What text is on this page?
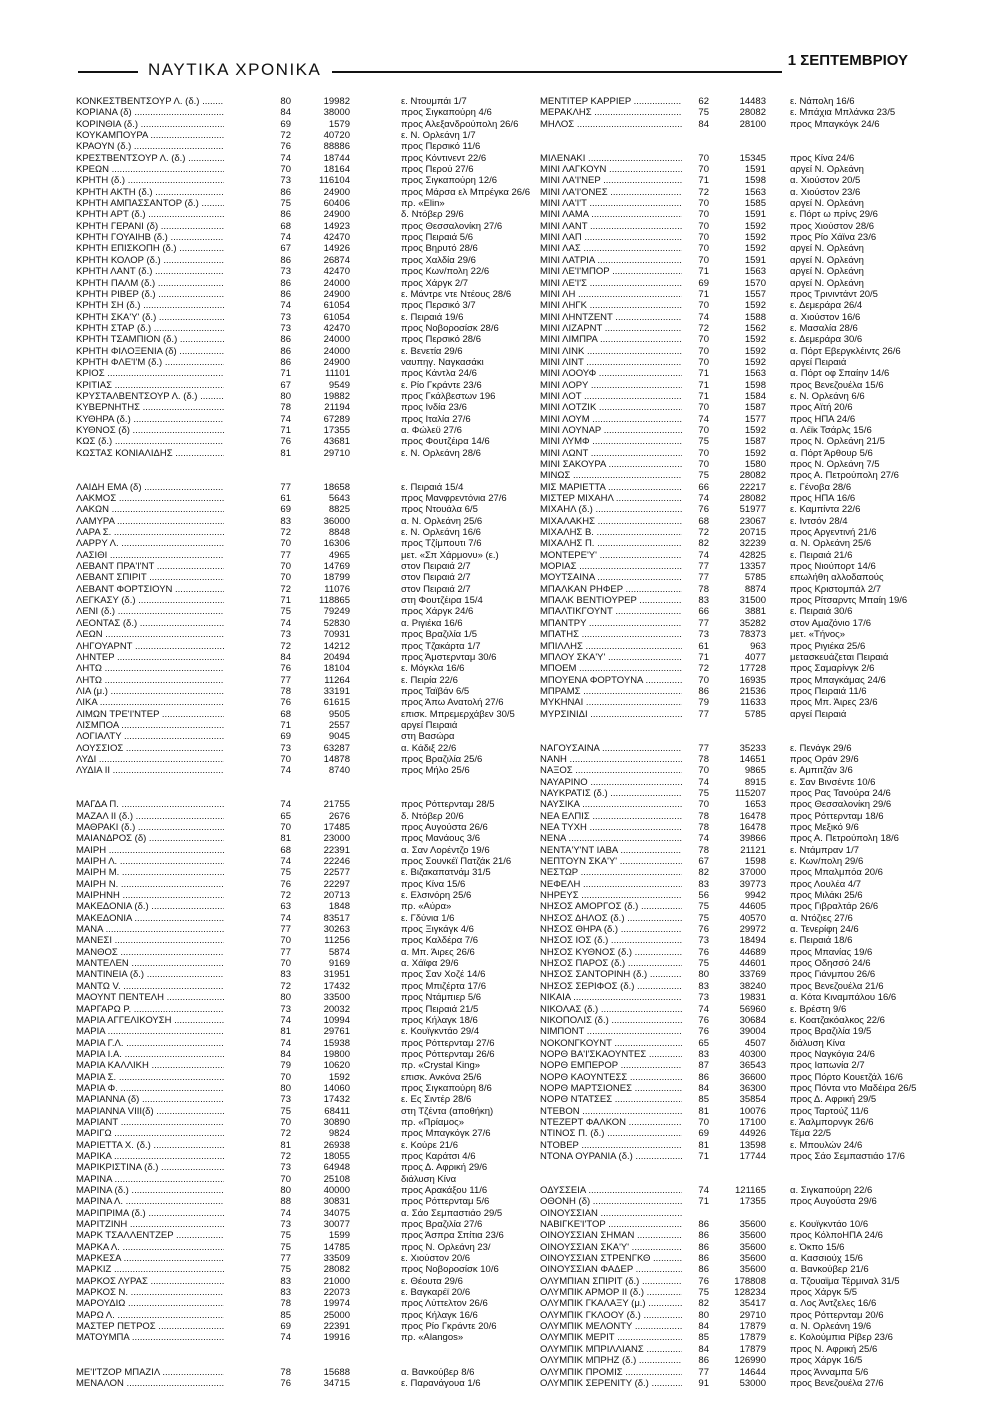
ΝΑΥΤΙΚΑ ΧΡΟΝΙΚΑ	1 ΣΕΠΤΕΜΒΡΙΟΥ
ΚΟΝΚΕΣΤΒΕΝΤΣΟΥΡ Λ. (δ.) .....	80	19982	ε. Ντουμπάι 1/7
ΚΟΡΙΑΝΑ (δ) .....	84	38000	προς Σιγκαπούρη 4/6
ΚΟΡΙΝΘΙΑ (δ.) .....	69	1579	προς Αλεξανδρούπολη 26/6
ΚΟΥΚΑΜΠΟΥΡΑ .....	72	40720	ε. Ν. Ορλεάνη 1/7
ΚΡΑΟΥΝ (δ.) .....	76	88886	προς Περσικό 11/6
ΚΡΕΣΤΒΕΝΤΣΟΥΡ Λ. (δ.) .....	74	18744	προς Κόντινεντ 22/6
ΚΡΕΩΝ .....	70	18164	προς Περού 27/6
ΚΡΗΤΗ (δ.) .....	73	116104	προς Σιγκαπούρη 12/6
ΚΡΗΤΗ ΑΚΤΗ (δ.) .....	86	24900	προς Μάρσα ελ Μπρέγκα 26/6
ΚΡΗΤΗ ΑΜΠΑΣΣΑΝΤΟΡ (δ.) .....	75	60406	πρ. «Elin»
ΚΡΗΤΗ ΑΡΤ (δ.) .....	86	24900	δ. Ντόβερ 29/6
ΚΡΗΤΗ ΓΕΡΑΝΙ (δ) .....	68	14923	προς Θεσσαλονίκη 27/6
ΚΡΗΤΗ ΓΟΥΑΙΗΒ (δ.) .....	74	42470	προς Πειραιά 5/6
ΚΡΗΤΗ ΕΠΙΣΚΟΠΗ (δ.) .....	67	14926	προς Βηρυτό 28/6
ΚΡΗΤΗ ΚΟΛΟΡ (δ.) .....	86	26874	προς Χαλδία 29/6
ΚΡΗΤΗ ΛΑΝΤ (δ.) .....	73	42470	προς Κων/πολη 22/6
ΚΡΗΤΗ ΠΑΛΜ (δ.) .....	86	24000	προς Χάργκ 2/7
ΚΡΗΤΗ ΡΙΒΕΡ (δ.) .....	86	24900	ε. Μάντρε ντε Ντέους 28/6
ΚΡΗΤΗ ΣΗ (δ.) .....	74	61054	προς Περσικό 3/7
ΚΡΗΤΗ ΣΚΑ'Υ' (δ.) .....	73	61054	ε. Πειραιά 19/6
ΚΡΗΤΗ ΣΤΑΡ (δ.) .....	73	42470	προς Νοβοροσίσκ 28/6
ΚΡΗΤΗ ΤΣΑΜΠΙΟΝ (δ.) .....	86	24000	προς Περσικό 28/6
ΚΡΗΤΗ ΦΙΛΟΞΕΝΙΑ (δ) .....	86	24000	ε. Βενετία 29/6
ΚΡΗΤΗ ΦΛΕ'Ι'Μ (δ.) .....	86	24900	ναυπηγ. Ναγκασάκι
ΚΡΙΟΣ .....	71	11101	προς Κάντλα 24/6
ΚΡΙΤΙΑΣ .....	67	9549	ε. Ρίο Γκράντε 23/6
ΚΡΥΣΤΑΛΒΕΝΤΣΟΥΡ Λ. (δ.) .....	80	19882	προς Γκάλβεστων 196
ΚΥΒΕΡΝΗΤΗΣ .....	78	21194	προς Ινδία 23/6
ΚΥΘΗΡΑ (δ.) .....	74	67289	προς Ιταλία 27/6
ΚΥΘΝΟΣ (δ) .....	71	17355	α. Φώλεϋ 27/6
ΚΩΣ (δ.) .....	76	43681	προς Φουτζέιρα 14/6
ΚΩΣΤΑΣ ΚΟΝΙΑΛΙΔΗΣ .....	81	29710	ε. Ν. Ορλεάνη 28/6
ΛΑΙΔΗ ΕΜΑ (δ) .....	77	18658	ε. Πειραιά 15/4
ΛΑΚΜΟΣ .....	61	5643	προς Μανφρεντόνια 27/6
ΛΑΚΩΝ .....	69	8825	προς Ντουάλα 6/5
ΛΑΜΥΡΑ .....	83	36000	α. Ν. Ορλεάνη 25/6
ΛΑΡΑ Σ. .....	72	8848	ε. Ν. Ορλεάνη 16/6
ΛΑΡΡΥ Λ. .....	70	16306	προς Τζίμπουτι 7/6
ΛΑΣΙΘΙ .....	77	4965	μετ. «Σπ Χάρμονυ» (ε.)
ΛΕΒΑΝΤ ΠΡΑ'Ι'ΝΤ .....	70	14769	στον Πειραιά 2/7
ΛΕΒΑΝΤ ΣΠΙΡΙΤ .....	70	18799	στον Πειραιά 2/7
ΛΕΒΑΝΤ ΦΟΡΤΣΙΟΥΝ .....	72	11076	στον Πειραιά 2/7
ΛΕΓΚΑΣΥ (δ.) .....	71	118865	στη Φουτζέιρα 15/4
ΛΕΝΙ (δ.) .....	75	79249	προς Χάργκ 24/6
ΛΕΟΝΤΑΣ (δ.) .....	74	52830	α. Ριγιέκα 16/6
ΛΕΩΝ .....	73	70931	προς Βραζιλία 1/5
ΛΗΓΟΥΑΡΝΤ .....	72	14212	προς Τζακάρτα 1/7
ΛΗΝΤΕΡ .....	84	20494	προς Άμστερνταμ 30/6
ΛΗΤΩ .....	76	18104	ε. Μόγκλα 16/6
ΛΗΤΩ .....	77	11264	ε. Πειρία 22/6
ΛΙΑ (μ.) .....	78	33191	προς Ταϊβάν 6/5
ΛΙΚΑ .....	76	61615	προς Άπω Ανατολή 27/6
ΛΙΜΩΝ ΤΡΕ'Ι'ΝΤΕΡ .....	68	9505	επισκ. Μπρεμερχάβεν 30/5
ΛΙΣΜΠΟΑ .....	71	2557	αργεί Πειραιά
ΛΟΓΙΑΛΤΥ .....	69	9045	στη Βασώρα
ΛΟΥΣΣΙΟΣ .....	73	63287	α. Κάδιξ 22/6
ΛΥΔΙ .....	70	14878	προς Βραζιλία 25/6
ΛΥΔΙΑ ΙΙ .....	74	8740	προς Μήλο 25/6
ΜΑΓΔΑ Π. .....	74	21755	προς Ρόττερνταμ 28/5
ΜΑΖΑΛ ΙΙ (δ.) .....	65	2676	δ. Ντόβερ 20/6
ΜΑΘΡΑΚΙ (δ.) .....	70	17485	προς Αυγούστα 26/6
ΜΑΙΑΝΔΡΟΣ (δ) .....	81	23000	προς Μανάους 3/6
ΜΑΙΡΗ .....	68	22391	α. Σαν Λορέντζο 19/6
ΜΑΙΡΗ Λ. .....	74	22246	προς Σουνκέϊ Πατζάκ 21/6
ΜΑΙΡΗ Μ. .....	75	22577	ε. Βιζακαπατνάμ 31/5
ΜΑΙΡΗ Ν. .....	76	22297	προς Κίνα 15/6
ΜΑΙΡΗΝΗ .....	72	20713	ε. Ελσινόρη 25/6
ΜΑΚΕΔΟΝΙΑ (δ.) .....	63	1848	πρ. «Αύρα»
ΜΑΚΕΔΟΝΙΑ .....	74	83517	ε. Γδύνια 1/6
ΜΑΝΑ .....	77	30263	προς Ξιγκάγκ 4/6
ΜΑΝΕΣΙ .....	70	11256	προς Καλδέρα 7/6
ΜΑΝΘΟΣ .....	77	5874	α. Μπ. Άιρες 26/6
ΜΑΝΤΕΛΕΝ .....	70	9169	α. Χάϊφα 29/6
ΜΑΝΤΙΝΕΙΑ (δ.) .....	83	31951	προς Σαν Χοζέ 14/6
ΜΑΝΤΩ V. .....	72	17432	προς Μπιζέρτα 17/6
ΜΑΟΥΝΤ ΠΕΝΤΕΛΗ .....	80	33500	προς Ντάμπιερ 5/6
ΜΑΡΓΑΡΩ Ρ. .....	73	20032	προς Πειραιά 21/5
ΜΑΡΙΑ ΑΓΓΕΛΙΚΟΥΣΗ .....	74	10994	προς Κήλαγκ 18/6
ΜΑΡΙΑ .....	81	29761	ε. Κουϊγκντάο 29/4
ΜΑΡΙΑ Γ.Λ. .....	74	15938	προς Ρόττερνταμ 27/6
ΜΑΡΙΑ Ι.Α. .....	84	19800	προς Ρόττερνταμ 26/6
ΜΑΡΙΑ ΚΑΛΛΙΚΗ .....	79	10620	πρ. «Crystal King»
ΜΑΡΙΑ Σ. .....	70	1592	επισκ. Ανκόνα 25/6
ΜΑΡΙΑ Φ. .....	80	14060	προς Σιγκαπούρη 8/6
ΜΑΡΙΑΝΝΑ (δ) .....	73	17432	ε. Ες Σιντέρ 28/6
ΜΑΡΙΑΝΝΑ VIII(δ) .....	75	68411	στη Τζέντα (αποθήκη)
ΜΑΡΙΑΝΤ .....	70	30890	πρ. «Πρίαμος»
ΜΑΡΙΓΩ .....	72	9824	προς Μπαγκόγκ 27/6
ΜΑΡΙΕΤΤΑ Χ. (δ.) .....	81	26938	ε. Κούρε 21/6
ΜΑΡΙΚΑ .....	72	18055	προς Καράτσι 4/6
ΜΑΡΙΚΡΙΣΤΙΝΑ (δ.) .....	73	64948	προς Δ. Αφρική 29/6
ΜΑΡΙΝΑ .....	70	25108	διάλυση Κίνα
ΜΑΡΙΝΑ (δ.) .....	80	40000	προς Αρακάξου 11/6
ΜΑΡΙΝΑ Λ. .....	88	30831	προς Ρόττερνταμ 5/6
ΜΑΡΙΠΡΙΜΑ (δ.) .....	74	34075	α. Σάο Σεμπαστιάο 29/5
ΜΑΡΙΤΖΙΝΗ .....	73	30077	προς Βραζιλία 27/6
ΜΑΡΚ ΤΣΑΛΛΕΝΤΖΕΡ .....	75	1599	προς Άσπρα Σπίτια 23/6
ΜΑΡΚΑ Λ. .....	75	14785	προς Ν. Ορλεάνη 23/
ΜΑΡΚΕΣΑ .....	77	33509	ε. Χιούστον 20/6
ΜΑΡΚΙΖ .....	75	28082	προς Νοβοροσίσκ 10/6
ΜΑΡΚΟΣ ΛΥΡΑΣ .....	83	21000	ε. Θέουτα 29/6
ΜΑΡΚΟΣ Ν. .....	83	22073	ε. Βαγκαρέϊ 20/6
ΜΑΡΟΥΔΙΩ .....	78	19974	προς Λύττελτον 26/6
ΜΑΡΩ Λ. .....	85	25000	προς Κήλαγκ 16/6
ΜΑΣΤΕΡ ΠΕΤΡΟΣ .....	69	22391	προς Ρίο Γκράντε 20/6
ΜΑΤΟΥΜΠΑ .....	74	19916	πρ. «Alangos»
ΜΕ'Ι'ΤΖΟΡ ΜΠΑΖΙΛ .....	78	15688	α. Βανκούβερ 8/6
ΜΕΝΑΛΟΝ .....	76	34715	ε. Παρανάγουα 1/6
ΜΕΝΤΙΤΕΡ ΚΑΡΡΙΕΡ .....	62	14483	ε. Νάπολη 16/6
ΜΕΡΑΚΛΗΣ .....	75	28082	ε. Μπάχια Μπλάνκα 23/5
ΜΗΛΟΣ .....	84	28100	προς Μπαγκόγκ 24/6
ΜΙΛΕΝΑΚΙ .....	70	15345	προς Κίνα 24/6
ΜΙΝΙ ΛΑΓΚΟΥΝ .....	70	1591	αργεί Ν. Ορλεάνη
ΜΙΝΙ ΛΑ'Ι'ΝΕΡ .....	71	1598	α. Χιούστον 20/5
ΜΙΝΙ ΛΑ'Ι'ΟΝΕΣ .....	72	1563	α. Χιούστον 23/6
ΜΙΝΙ ΛΑ'Ι'Τ .....	70	1585	αργεί Ν. Ορλεάνη
ΜΙΝΙ ΛΑΜΑ .....	70	1591	ε. Πόρτ ω πρίνς 29/6
ΜΙΝΙ ΛΑΝΤ .....	70	1592	προς Χιούστον 28/6
ΜΙΝΙ ΛΑΠ .....	70	1592	προς Ρίο Χάϊνα 23/6
ΜΙΝΙ ΛΑΣ .....	70	1592	αργεί Ν. Ορλεάνη
ΜΙΝΙ ΛΑΤΡΙΑ .....	70	1591	αργεί Ν. Ορλεάνη
ΜΙΝΙ ΛΕ'Ι'ΜΠΟΡ .....	71	1563	αργεί Ν. Ορλεάνη
ΜΙΝΙ ΛΕ'Ι'Σ .....	69	1570	αργεί Ν. Ορλεάνη
ΜΙΝΙ ΛΗ .....	71	1557	προς Τρινιντάντ 20/5
ΜΙΝΙ ΛΗΓΚ .....	70	1592	ε. Δεμεράρα 26/4
ΜΙΝΙ ΛΗΝΤΖΕΝΤ .....	74	1588	α. Χιούστον 16/6
ΜΙΝΙ ΛΙΖΑΡΝΤ .....	72	1562	ε. Μασαλία 28/6
ΜΙΝΙ ΛΙΜΠΡΑ .....	70	1592	ε. Δεμεράρα 30/6
ΜΙΝΙ ΛΙΝΚ .....	70	1592	α. Πόρτ Εβεργκλέιντς 26/6
ΜΙΝΙ ΛΙΝΤ .....	70	1592	αργεί Πειραιά
ΜΙΝΙ ΛΟΟΥΦ .....	71	1563	α. Πόρτ οφ Σπαίην 14/6
ΜΙΝΙ ΛΟΡΥ .....	71	1598	προς Βενεζουέλα 15/6
ΜΙΝΙ ΛΟΤ .....	71	1584	ε. Ν. Ορλεάνη 6/6
ΜΙΝΙ ΛΟΤΖΙΚ .....	70	1587	προς Αϊτή 20/6
ΜΙΝΙ ΛΟΥΜ .....	74	1577	προς ΗΠΑ 24/6
ΜΙΝΙ ΛΟΥΝΑΡ .....	70	1592	α. Λέϊκ Τσάρλς 15/6
ΜΙΝΙ ΛΥΜΦ .....	75	1587	προς Ν. Ορλεάνη 21/5
ΜΙΝΙ ΛΩΝΤ .....	70	1592	α. Πόρτ Άρθουρ 5/6
ΜΙΝΙ ΣΑΚΟΥΡΑ .....	70	1580	προς Ν. Ορλεάνη 7/5
ΜΙΝΩΣ .....	75	28082	προς Α. Πετρούπολη 27/6
ΜΙΣ ΜΑΡΙΕΤΤΑ .....	66	22217	ε. Γένοβα 28/6
ΜΙΣΤΕΡ ΜΙΧΑΗΛ .....	74	28082	προς ΗΠΑ 16/6
ΜΙΧΑΗΛ (δ.) .....	76	51977	ε. Καμπίντα 22/6
ΜΙΧΑΛΑΚΗΣ .....	68	23067	ε. Ιντσόν 28/4
ΜΙΧΑΛΗΣ Β. .....	72	20715	προς Αργεντινή 21/6
ΜΙΧΑΛΗΣ Π. .....	82	32239	α. Ν. Ορλεάνη 25/6
ΜΟΝΤΕΡΕ'Υ' .....	74	42825	ε. Πειραιά 21/6
ΜΟΡΙΑΣ .....	77	13357	προς Νιούπορτ 14/6
ΜΟΥΤΣΑΙΝΑ .....	77	5785	επωλήθη αλλοδαπούς
ΜΠΑΛΚΑΝ ΡΗΦΕΡ .....	78	8874	προς Κριστομπάλ 2/7
ΜΠΑΛΚ ΒΕΝΤΙΟΥΡΕΡ .....	83	31500	προς Ρίτσαρντς Μπαίη 19/6
ΜΠΑΛΤΙΚΓΟΥΝΤ .....	66	3881	ε. Πειραιά 30/6
ΜΠΑΝΤΡΥ .....	77	35282	στον Αμαζόνιο 17/6
ΜΠΑΤΗΣ .....	73	78373	μετ. «Τήνος»
ΜΠΙΛΛΗΣ .....	61	963	προς Ριγιέκα 25/6
ΜΠΛΟΥ ΣΚΑ'Υ' .....	71	4077	μετασκευάζεται Πειραιά
ΜΠΟΕΜ .....	72	17728	προς Σαμαρίνγκ 2/6
ΜΠΟΥΕΝΑ ΦΟΡΤΟΥΝΑ .....	70	16935	προς Μπαγκάμας 24/6
ΜΠΡΑΜΣ .....	86	21536	προς Πειραιά 11/6
ΜΥΚΗΝΑΙ .....	79	11633	προς Μπ. Άιρες 23/6
ΜΥΡΣΙΝΙΔΙ .....	77	5785	αργεί Πειραιά
ΝΑΓΟΥΣΑΙΝΑ .....	77	35233	ε. Πενάγκ 29/6
ΝΑΝΗ .....	78	14651	προς Οράν 29/6
ΝΑΞΟΣ .....	70	9865	ε. Αμπιτζάν 3/6
ΝΑΥΑΡΙΝΟ .....	74	8915	ε. Σαν Βινσέντε 10/6
ΝΑΥΚΡΑΤΙΣ (δ.) .....	75	115207	προς Ρας Τανούρα 24/6
ΝΑΥΣΙΚΑ .....	70	1653	προς Θεσσαλονίκη 29/6
ΝΕΑ ΕΛΠΙΣ .....	78	16478	προς Ρόττερνταμ 18/6
ΝΕΑ ΤΥΧΗ .....	78	16478	προς Μεξικό 9/6
ΝΕΝΑ .....	74	39866	προς Α. Πετρούπολη 18/6
ΝΕΝΤΑ'Υ'ΝΤ ΙΑΒΑ .....	78	21121	ε. Ντάμπραν 1/7
ΝΕΠΤΟΥΝ ΣΚΑ'Υ' .....	67	1598	ε. Κων/πολη 29/6
ΝΕΣΤΩΡ .....	82	37000	προς Μπαλμπόα 20/6
ΝΕΦΕΛΗ .....	83	39773	προς Λουλέα 4/7
ΝΗΡΕΥΣ .....	56	9942	προς Μιλάκι 25/6
ΝΗΣΟΣ ΑΜΟΡΓΟΣ (δ.) .....	75	44605	προς Γιβραλτάρ 26/6
ΝΗΣΟΣ ΔΗΛΟΣ (δ.) .....	75	40570	α. Ντόζιες 27/6
ΝΗΣΟΣ ΘΗΡΑ (δ.) .....	76	29972	α. Τενερίφη 24/6
ΝΗΣΟΣ ΙΟΣ (δ.) .....	73	18494	ε. Πειραιά 18/6
ΝΗΣΟΣ ΚΥΘΝΟΣ (δ.) .....	76	44689	προς Μπανίας 19/6
ΝΗΣΟΣ ΠΑΡΟΣ (δ.) .....	75	44601	προς Οδησσό 24/6
ΝΗΣΟΣ ΣΑΝΤΟΡΙΝΗ (δ.) .....	80	33769	προς Γιάνμπου 26/6
ΝΗΣΟΣ ΣΕΡΙΦΟΣ (δ.) .....	83	38240	προς Βενεζουέλα 21/6
ΝΙΚΑΙΑ .....	73	19831	α. Κότα Κιναμπάλου 16/6
ΝΙΚΟΛΑΣ (δ.) .....	74	56960	ε. Βρέστη 9/6
ΝΙΚΟΠΟΛΙΣ (δ.) .....	76	30684	ε. Κοατζακόαλκος 22/6
ΝΙΜΠΟΝΤ .....	76	39004	προς Βραζιλία 19/5
ΝΟΚΟΝΓΚΟΥΝΤ .....	65	4507	διάλυση Κίνα
ΝΟΡΘ ΒΑ'Ι'ΣΚΑΟΥΝΤΕΣ .....	83	40300	προς Ναγκόγια 24/6
ΝΟΡΘ ΕΜΠΕΡΟΡ .....	87	36543	προς Ιαπωνία 2/7
ΝΟΡΘ ΚΑΟΥΝΤΕΣΣ .....	86	36600	προς Πόρτο Κουετζάλ 16/6
ΝΟΡΘ ΜΑΡΤΣΙΟΝΕΣ .....	84	36300	προς Πόντα ντο Μαδέιρα 26/5
ΝΟΡΘ ΝΤΑΤΣΕΣ .....	85	35854	προς Δ. Αφρική 29/5
ΝΤΕΒΟΝ .....	81	10076	προς Ταρτούζ 11/6
ΝΤΕΖΕΡΤ ΦΑΛΚΟΝ .....	70	17100	ε. Άαλμπορνγκ 26/6
ΝΤΙΝΟΣ Π. (δ.) .....	69	44926	Τέμα 22/5
ΝΤΟΒΕΡ .....	81	13598	ε. Μπουλών 24/6
ΝΤΟΝΑ ΟΥΡΑΝΙΑ (δ.) .....	71	17744	προς Σάο Σεμπαστιάο 17/6
ΟΔΥΣΣΕΙΑ .....	74	121165	α. Σιγκαπούρη 22/6
ΟΘΟΝΗ (δ) .....	71	17355	προς Αυγούστα 29/6
ΟΙΝΟΥΣΣΙΑΝ .....
ΝΑΒΙΓΚΕ'Ι'ΤΟΡ .....	86	35600	ε. Κουϊγκντάο 10/6
ΟΙΝΟΥΣΣΙΑΝ ΣΗΜΑΝ .....	86	35600	προς ΚόλποΗΠΑ 24/6
ΟΙΝΟΥΣΣΙΑΝ ΣΚΑ'Υ' .....	86	35600	ε. Όκπο 15/6
ΟΙΝΟΥΣΣΙΑΝ ΣΤΡΕΝΓΚΘ .....	86	35600	α. Κασσιούχ 15/6
ΟΙΝΟΥΣΣΙΑΝ ΦΑΔΕΡ .....	86	35600	α. Βανκούβερ 21/6
ΟΛΥΜΠΙΑΝ ΣΠΙΡΙΤ (δ.) .....	76	178808	α. Τζουαϊμα Τέρμιναλ 31/5
ΟΛΥΜΠΙΚ ΑΡΜΟΡ ΙΙ (δ.) .....	75	128234	προς Χάργκ 5/5
ΟΛΥΜΠΙΚ ΓΚΑΛΑΞΥ (μ.) .....	82	35417	α. Λος Άντζελες 16/6
ΟΛΥΜΠΙΚ ΓΚΛΟΟΥ (δ.) .....	80	29710	προς Ρόττερνταμ 20/6
ΟΛΥΜΠΙΚ ΜΕΛΟΝΤΥ .....	84	17879	α. Ν. Ορλεάνη 19/6
ΟΛΥΜΠΙΚ ΜΕΡΙΤ .....	85	17879	ε. Κολούμπια Ρίβερ 23/6
ΟΛΥΜΠΙΚ ΜΠΡΙΛΛΙΑΝΣ .....	84	17879	προς Ν. Αφρική 25/6
ΟΛΥΜΠΙΚ ΜΠΡΗΖ (δ.) .....	86	126990	προς Χάργκ 16/5
ΟΛΥΜΠΙΚ ΠΡΟΜΙΣ .....	77	14644	προς Άνναμπα 5/6
ΟΛΥΜΠΙΚ ΣΕΡΕΝΙΤΥ (δ.) .....	91	53000	προς Βενεζουέλα 27/6
